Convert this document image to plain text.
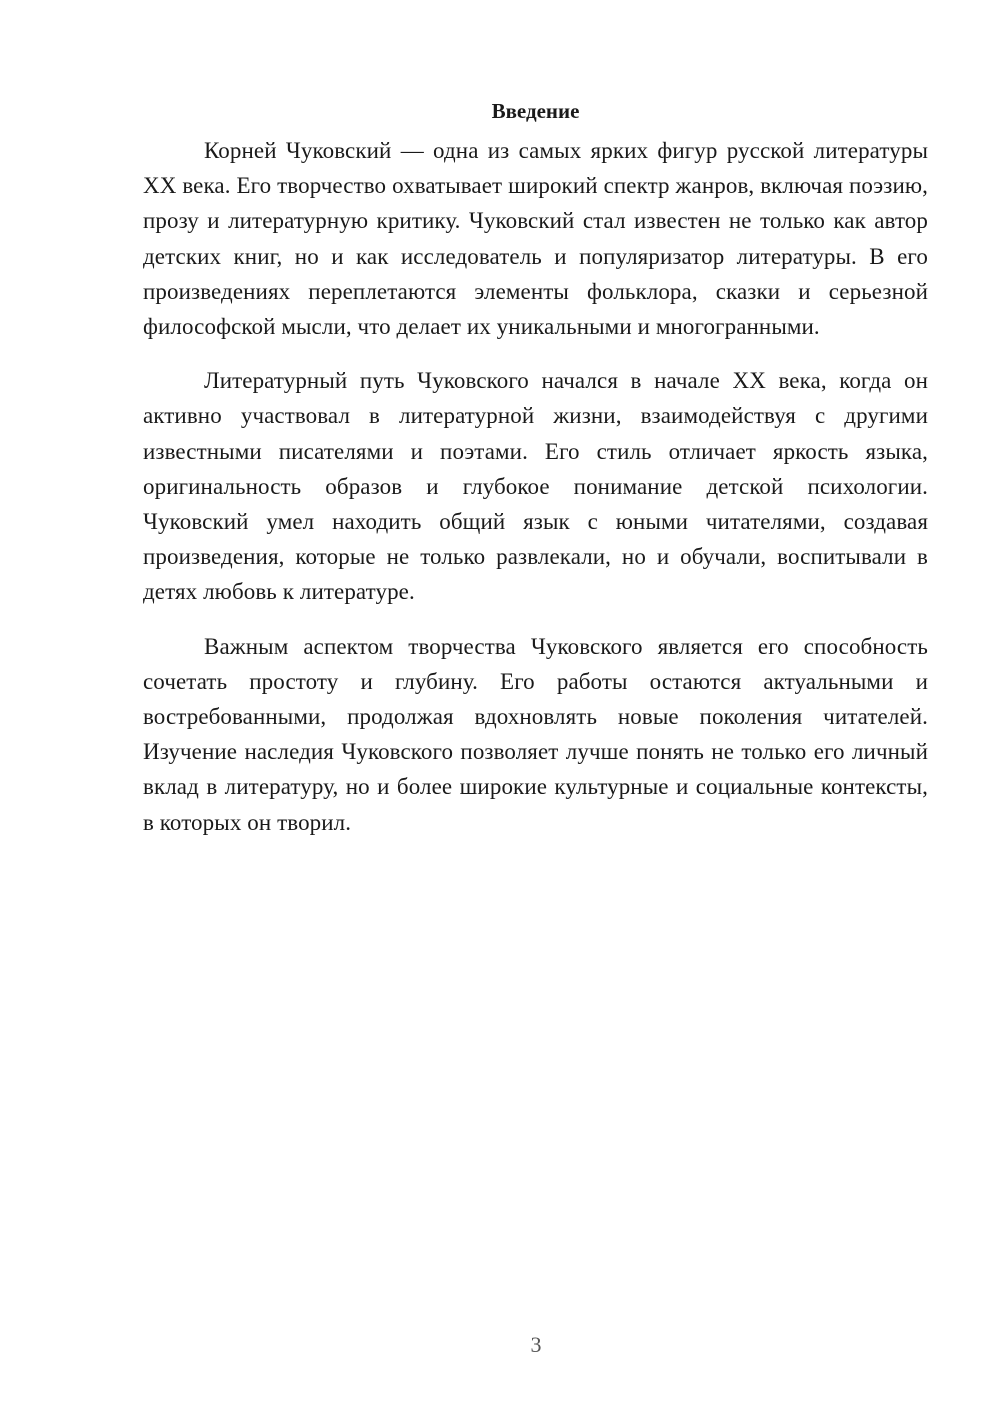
Введение

Корней Чуковский — одна из самых ярких фигур русской литературы XX века. Его творчество охватывает широкий спектр жанров, включая поэзию, прозу и литературную критику. Чуковский стал известен не только как автор детских книг, но и как исследователь и популяризатор литературы. В его произведениях переплетаются элементы фольклора, сказки и серьезной философской мысли, что делает их уникальными и многогранными.

Литературный путь Чуковского начался в начале XX века, когда он активно участвовал в литературной жизни, взаимодействуя с другими известными писателями и поэтами. Его стиль отличает яркость языка, оригинальность образов и глубокое понимание детской психологии. Чуковский умел находить общий язык с юными читателями, создавая произведения, которые не только развлекали, но и обучали, воспитывали в детях любовь к литературе.

Важным аспектом творчества Чуковского является его способность сочетать простоту и глубину. Его работы остаются актуальными и востребованными, продолжая вдохновлять новые поколения читателей. Изучение наследия Чуковского позволяет лучше понять не только его личный вклад в литературу, но и более широкие культурные и социальные контексты, в которых он творил.

3
